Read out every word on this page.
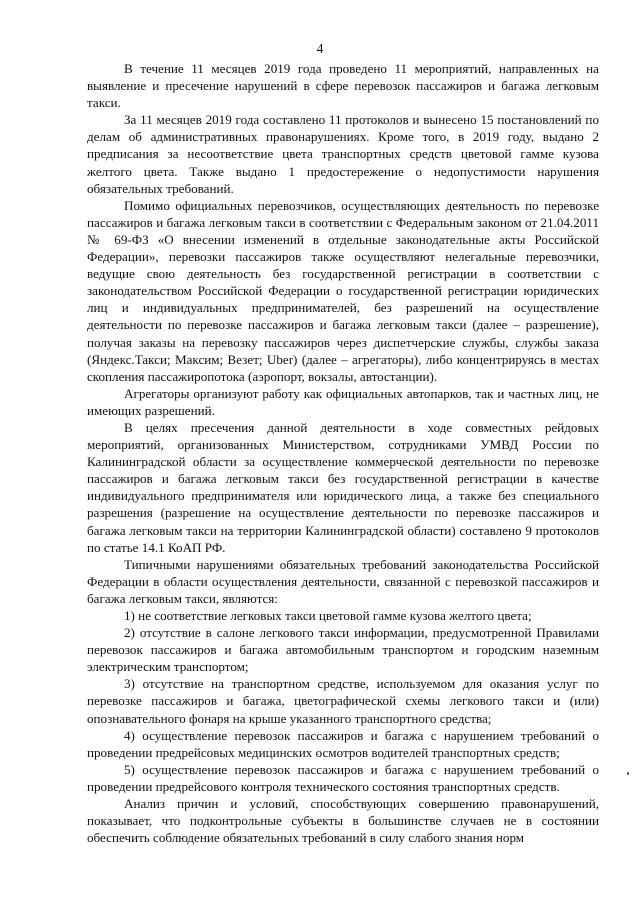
4

В течение 11 месяцев 2019 года проведено 11 мероприятий, направленных на выявление и пресечение нарушений в сфере перевозок пассажиров и багажа легковым такси.

За 11 месяцев 2019 года составлено 11 протоколов и вынесено 15 постановлений по делам об административных правонарушениях. Кроме того, в 2019 году, выдано 2 предписания за несоответствие цвета транспортных средств цветовой гамме кузова желтого цвета. Также выдано 1 предостережение о недопустимости нарушения обязательных требований.

Помимо официальных перевозчиков, осуществляющих деятельность по перевозке пассажиров и багажа легковым такси в соответствии с Федеральным законом от 21.04.2011 № 69-ФЗ «О внесении изменений в отдельные законодательные акты Российской Федерации», перевозки пассажиров также осуществляют нелегальные перевозчики, ведущие свою деятельность без государственной регистрации в соответствии с законодательством Российской Федерации о государственной регистрации юридических лиц и индивидуальных предпринимателей, без разрешений на осуществление деятельности по перевозке пассажиров и багажа легковым такси (далее – разрешение), получая заказы на перевозку пассажиров через диспетчерские службы, службы заказа (Яндекс.Такси; Максим; Везет; Uber) (далее – агрегаторы), либо концентрируясь в местах скопления пассажиропотока (аэропорт, вокзалы, автостанции).

Агрегаторы организуют работу как официальных автопарков, так и частных лиц, не имеющих разрешений.

В целях пресечения данной деятельности в ходе совместных рейдовых мероприятий, организованных Министерством, сотрудниками УМВД России по Калининградской области за осуществление коммерческой деятельности по перевозке пассажиров и багажа легковым такси без государственной регистрации в качестве индивидуального предпринимателя или юридического лица, а также без специального разрешения (разрешение на осуществление деятельности по перевозке пассажиров и багажа легковым такси на территории Калининградской области) составлено 9 протоколов по статье 14.1 КоАП РФ.

Типичными нарушениями обязательных требований законодательства Российской Федерации в области осуществления деятельности, связанной с перевозкой пассажиров и багажа легковым такси, являются:

1) не соответствие легковых такси цветовой гамме кузова желтого цвета;

2) отсутствие в салоне легкового такси информации, предусмотренной Правилами перевозок пассажиров и багажа автомобильным транспортом и городским наземным электрическим транспортом;

3) отсутствие на транспортном средстве, используемом для оказания услуг по перевозке пассажиров и багажа, цветографической схемы легкового такси и (или) опознавательного фонаря на крыше указанного транспортного средства;

4) осуществление перевозок пассажиров и багажа с нарушением требований о проведении предрейсовых медицинских осмотров водителей транспортных средств;

5) осуществление перевозок пассажиров и багажа с нарушением требований о проведении предрейсового контроля технического состояния транспортных средств.

Анализ причин и условий, способствующих совершению правонарушений, показывает, что подконтрольные субъекты в большинстве случаев не в состоянии обеспечить соблюдение обязательных требований в силу слабого знания норм
